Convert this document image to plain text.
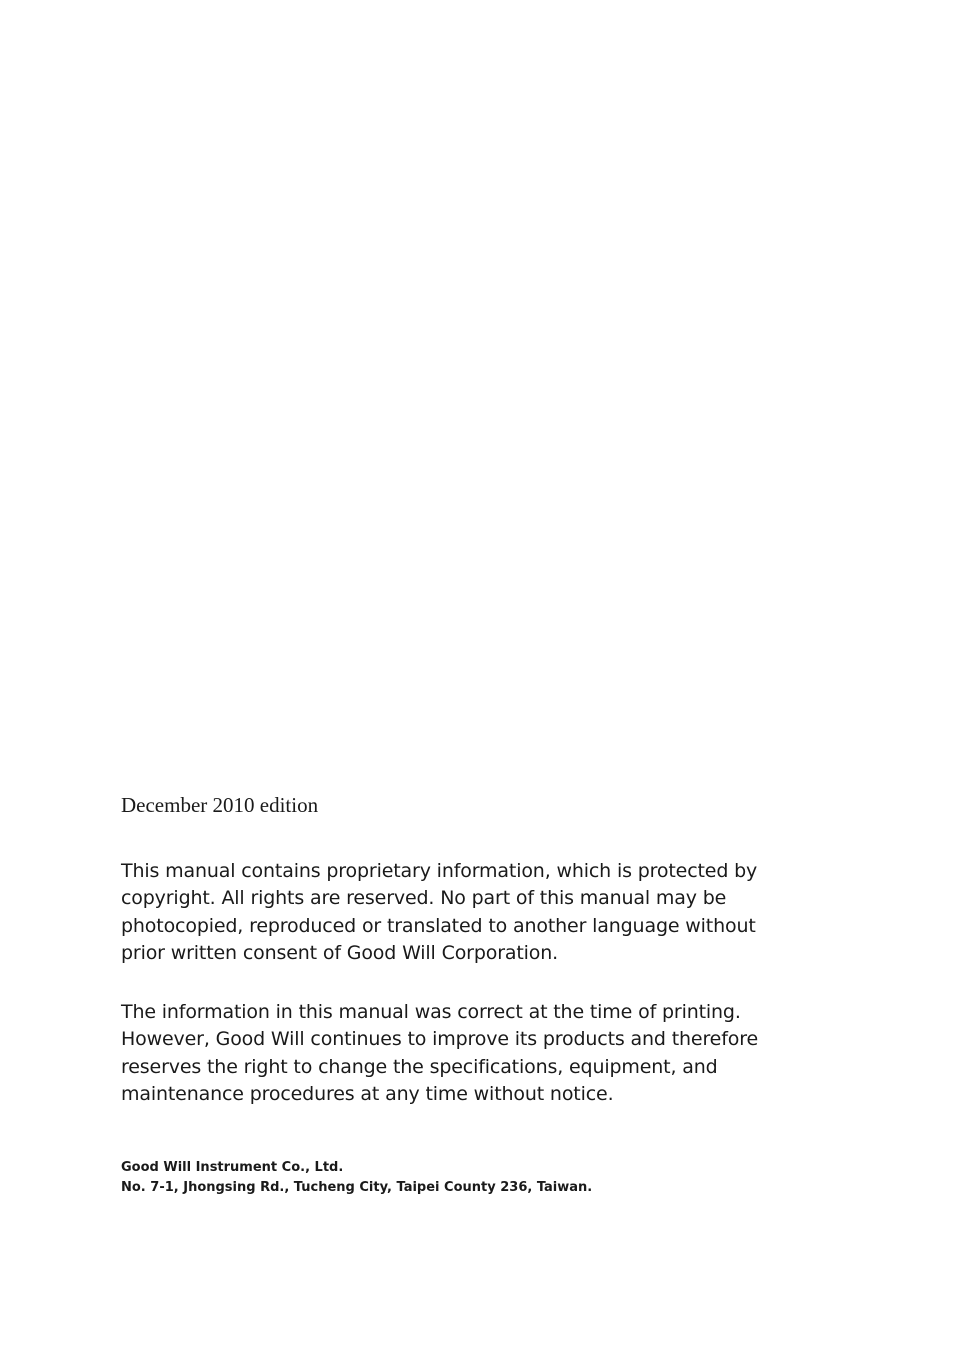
December 2010 edition
This manual contains proprietary information, which is protected by
copyright. All rights are reserved. No part of this manual may be
photocopied, reproduced or translated to another language without
prior written consent of Good Will Corporation.
The information in this manual was correct at the time of printing.
However, Good Will continues to improve its products and therefore
reserves the right to change the specifications, equipment, and
maintenance procedures at any time without notice.
Good Will Instrument Co., Ltd.
No. 7-1, Jhongsing Rd., Tucheng City, Taipei County 236, Taiwan.
